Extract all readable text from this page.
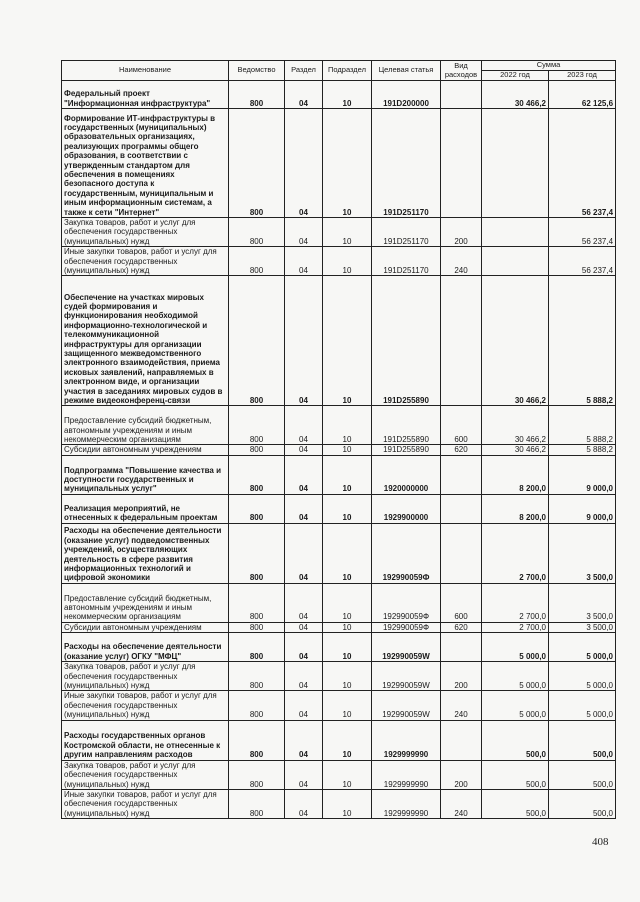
Наименование	Ведомство	Раздел	Подраздел	Целевая статья	Вид расходов	Сумма	
						2022 год	2023 год
Федеральный проект "Информационная инфраструктура"	800	04	10	191D200000		30 466,2	62 125,6
Формирование ИТ-инфраструктуры в государственных (муниципальных) образовательных организациях, реализующих программы общего образования, в соответствии с утвержденным стандартом для обеспечения в помещениях безопасного доступа к государственным, муниципальным и иным информационным системам, а также к сети "Интернет"	800	04	10	191D251170			56 237,4
Закупка товаров, работ и услуг для обеспечения государственных (муниципальных) нужд	800	04	10	191D251170	200		56 237,4
Иные закупки товаров, работ и услуг для обеспечения государственных (муниципальных) нужд	800	04	10	191D251170	240		56 237,4
Обеспечение на участках мировых судей формирования и функционирования необходимой информационно-технологической и телекоммуникационной инфраструктуры для организации защищенного межведомственного электронного взаимодействия, приема исковых заявлений, направляемых в электронном виде, и организации участия в заседаниях мировых судов в режиме видеоконференц-связи	800	04	10	191D255890		30 466,2	5 888,2
Предоставление субсидий бюджетным, автономным учреждениям и иным некоммерческим организациям	800	04	10	191D255890	600	30 466,2	5 888,2
Субсидии автономным учреждениям	800	04	10	191D255890	620	30 466,2	5 888,2
Подпрограмма "Повышение качества и доступности государственных и муниципальных услуг"	800	04	10	1920000000		8 200,0	9 000,0
Реализация мероприятий, не отнесенных к федеральным проектам	800	04	10	1929900000		8 200,0	9 000,0
Расходы на обеспечение деятельности (оказание услуг) подведомственных учреждений, осуществляющих деятельность в сфере развития информационных технологий и цифровой экономики	800	04	10	192990059Ф		2 700,0	3 500,0
Предоставление субсидий бюджетным, автономным учреждениям и иным некоммерческим организациям	800	04	10	192990059Ф	600	2 700,0	3 500,0
Субсидии автономным учреждениям	800	04	10	192990059Ф	620	2 700,0	3 500,0
Расходы на обеспечение деятельности (оказание услуг) ОГКУ "МФЦ"	800	04	10	192990059W		5 000,0	5 000,0
Закупка товаров, работ и услуг для обеспечения государственных (муниципальных) нужд	800	04	10	192990059W	200	5 000,0	5 000,0
Иные закупки товаров, работ и услуг для обеспечения государственных (муниципальных) нужд	800	04	10	192990059W	240	5 000,0	5 000,0
Расходы государственных органов Костромской области, не отнесенные к другим направлениям расходов	800	04	10	1929999990		500,0	500,0
Закупка товаров, работ и услуг для обеспечения государственных (муниципальных) нужд	800	04	10	1929999990	200	500,0	500,0
Иные закупки товаров, работ и услуг для обеспечения государственных (муниципальных) нужд	800	04	10	1929999990	240	500,0	500,0
408
